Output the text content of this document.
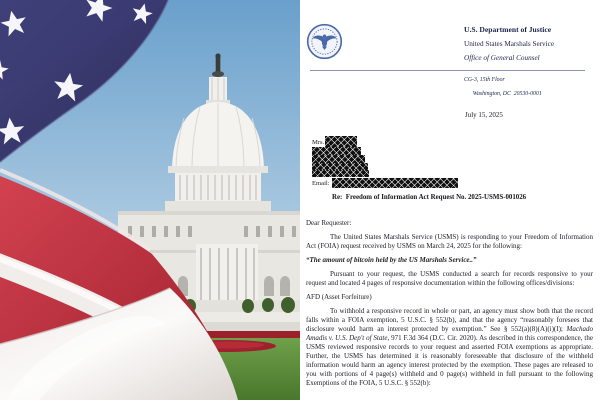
U.S. Department of Justice
United States Marshals Service
Office of General Counsel
CG-3, 15th Floor

Washington, DC  20530-0001

July 15, 2025
Mrs.
Email:
Re:  Freedom of Information Act Request No. 2025-USMS-001026

Dear Requester:

The United States Marshals Service (USMS) is responding to your Freedom of Information Act (FOIA) request received by USMS on March 24, 2025 for the following:

“The amount of bitcoin held by the US Marshals Service..”

Pursuant to your request, the USMS conducted a search for records responsive to your request and located 4 pages of responsive documentation within the following offices/divisions:

AFD (Asset Forfeiture)

To withhold a responsive record in whole or part, an agency must show both that the record falls within a FOIA exemption, 5 U.S.C. § 552(b), and that the agency “reasonably foresees that disclosure would harm an interest protected by exemption.” See § 552(a)(8)(A)(i)(I); Machado Amadis v. U.S. Dep't of State, 971 F.3d 364 (D.C. Cir. 2020). As described in this correspondence, the USMS reviewed responsive records to your request and asserted FOIA exemptions as appropriate. Further, the USMS has determined it is reasonably foreseeable that disclosure of the withheld information would harm an agency interest protected by the exemption. These pages are released to you with portions of 4 page(s) withheld and 0 page(s) withheld in full pursuant to the following Exemptions of the FOIA, 5 U.S.C. § 552(b):
